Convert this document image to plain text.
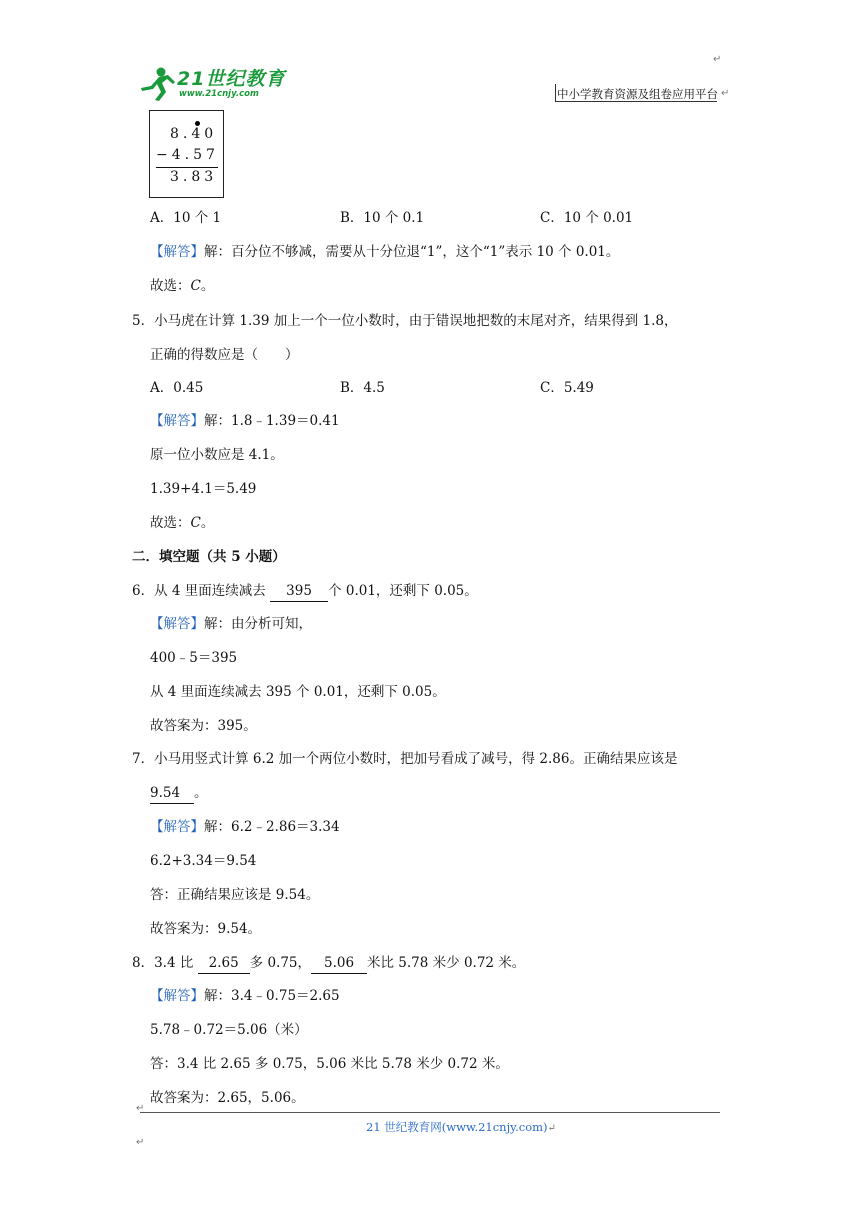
21世纪教育
www.21cnjy.com	中小学教育资源及组卷应用平台 ↵
↵
8.40
−4.57
3.83
A．10 个 1	B．10 个 0.1	C．10 个 0.01
【解答】解：百分位不够减，需要从十分位退“1”，这个“1”表示 10 个 0.01。
故选：C。
5．小马虎在计算 1.39 加上一个一位小数时，由于错误地把数的末尾对齐，结果得到 1.8，
正确的得数应是（　　）
A．0.45	B．4.5	C．5.49
【解答】解：1.8﹣1.39＝0.41
原一位小数应是 4.1。
1.39+4.1＝5.49
故选：C。
二．填空题（共 5 小题）
6．从 4 里面连续减去 395 个 0.01，还剩下 0.05。
【解答】解：由分析可知，
400﹣5＝395
从 4 里面连续减去 395 个 0.01，还剩下 0.05。
故答案为：395。
7．小马用竖式计算 6.2 加一个两位小数时，把加号看成了减号，得 2.86。正确结果应该是
9.54 。
【解答】解：6.2﹣2.86＝3.34
6.2+3.34＝9.54
答：正确结果应该是 9.54。
故答案为：9.54。
8．3.4 比 2.65 多 0.75， 5.06 米比 5.78 米少 0.72 米。
【解答】解：3.4﹣0.75＝2.65
5.78﹣0.72＝5.06（米）
答：3.4 比 2.65 多 0.75，5.06 米比 5.78 米少 0.72 米。
故答案为：2.65，5.06。
↵
21 世纪教育网(www.21cnjy.com)↵
↵
